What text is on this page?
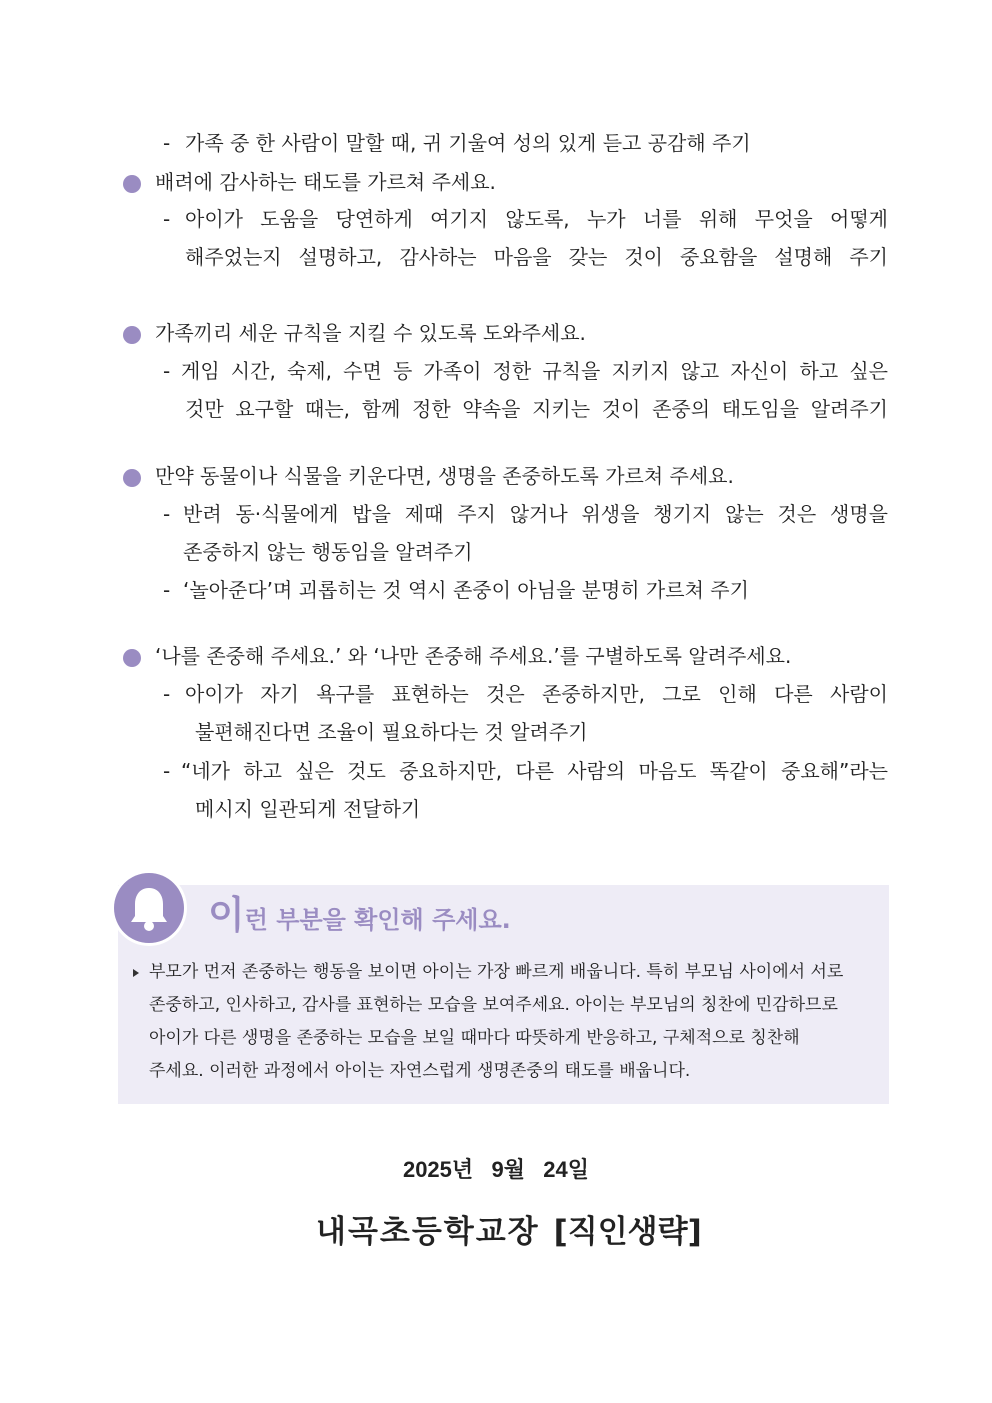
- 가족 중 한 사람이 말할 때, 귀 기울여 성의 있게 듣고 공감해 주기
배려에 감사하는 태도를 가르쳐 주세요.
- 아이가 도움을 당연하게 여기지 않도록, 누가 너를 위해 무엇을 어떻게
해주었는지 설명하고, 감사하는 마음을 갖는 것이 중요함을 설명해 주기
가족끼리 세운 규칙을 지킬 수 있도록 도와주세요.
- 게임 시간, 숙제, 수면 등 가족이 정한 규칙을 지키지 않고 자신이 하고 싶은
것만 요구할 때는, 함께 정한 약속을 지키는 것이 존중의 태도임을 알려주기
만약 동물이나 식물을 키운다면, 생명을 존중하도록 가르쳐 주세요.
- 반려 동·식물에게 밥을 제때 주지 않거나 위생을 챙기지 않는 것은 생명을
존중하지 않는 행동임을 알려주기
- ‘놀아준다’며 괴롭히는 것 역시 존중이 아님을 분명히 가르쳐 주기
‘나를 존중해 주세요.’ 와 ‘나만 존중해 주세요.’를 구별하도록 알려주세요.
- 아이가 자기 욕구를 표현하는 것은 존중하지만, 그로 인해 다른 사람이
불편해진다면 조율이 필요하다는 것 알려주기
- “네가 하고 싶은 것도 중요하지만, 다른 사람의 마음도 똑같이 중요해”라는
메시지 일관되게 전달하기
이런 부분을 확인해 주세요.
부모가 먼저 존중하는 행동을 보이면 아이는 가장 빠르게 배웁니다. 특히 부모님 사이에서 서로
존중하고, 인사하고, 감사를 표현하는 모습을 보여주세요. 아이는 부모님의 칭찬에 민감하므로
아이가 다른 생명을 존중하는 모습을 보일 때마다 따뜻하게 반응하고, 구체적으로 칭찬해
주세요. 이러한 과정에서 아이는 자연스럽게 생명존중의 태도를 배웁니다.
2025년   9월   24일
내곡초등학교장 [직인생략]
